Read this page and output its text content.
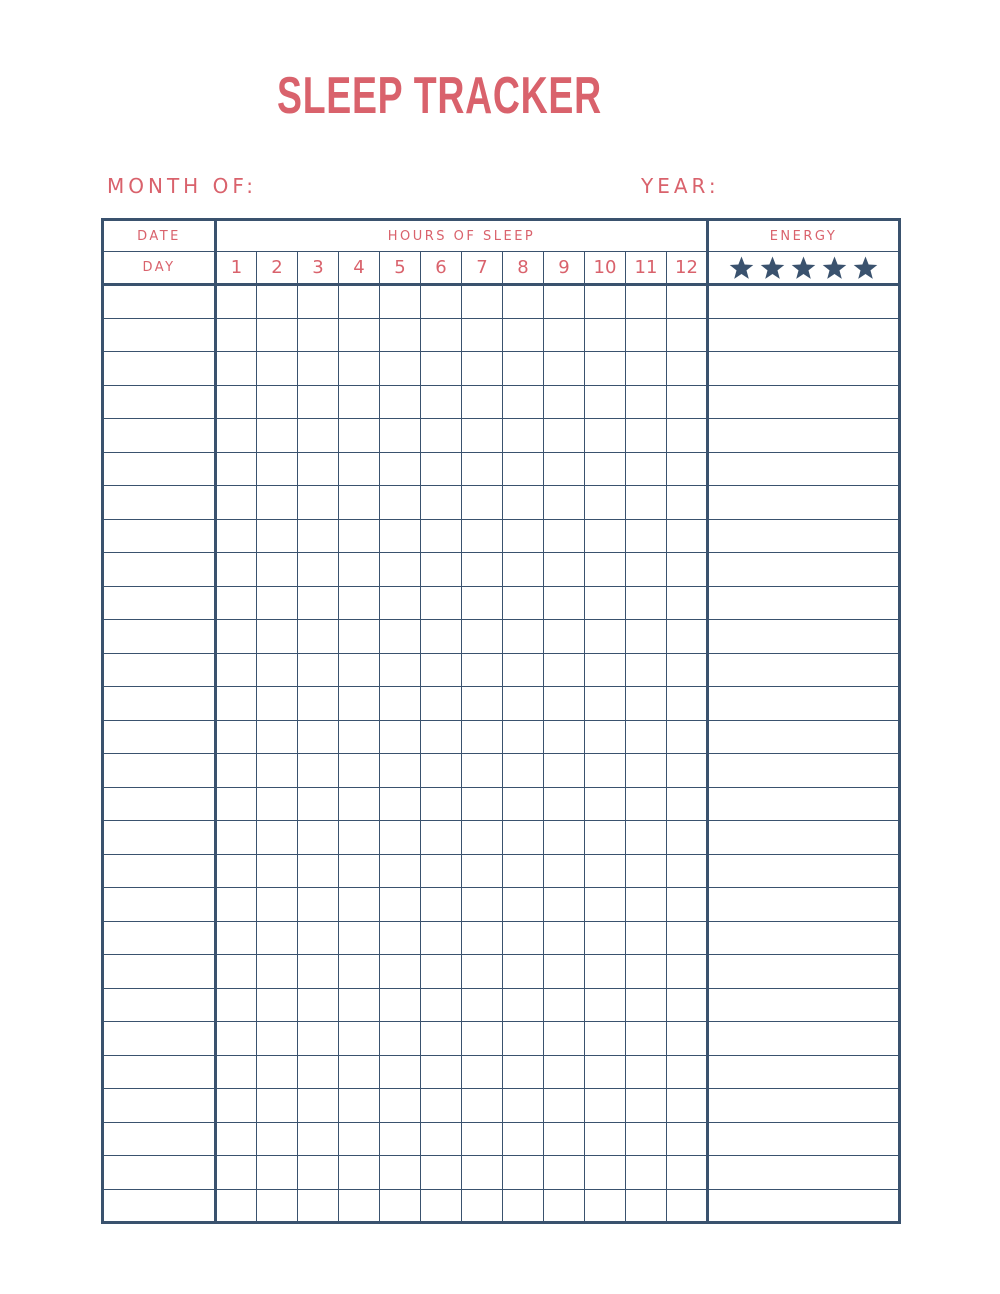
SLEEP TRACKER
MONTH OF:	YEAR:
DATE	HOURS OF SLEEP												ENERGY
DAY	1	2	3	4	5	6	7	8	9	10	11	12	
